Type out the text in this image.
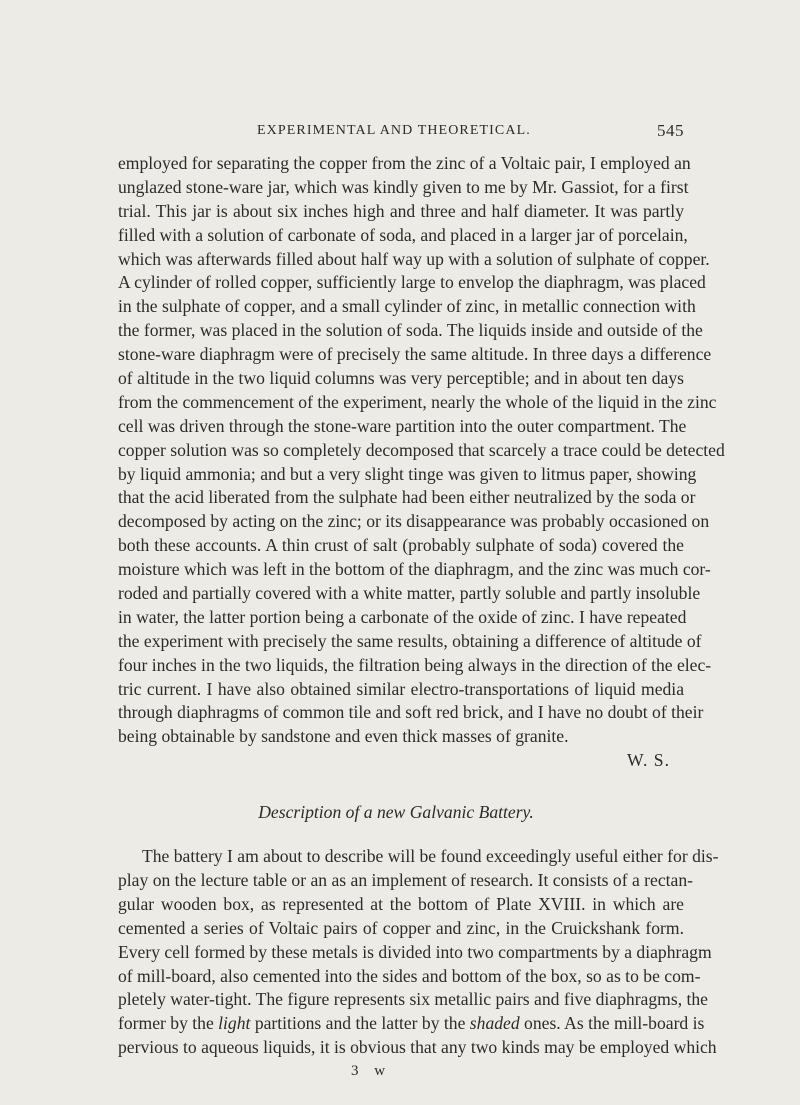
EXPERIMENTAL AND THEORETICAL.	545
employed for separating the copper from the zinc of a Voltaic pair, I employed an
unglazed stone-ware jar, which was kindly given to me by Mr. Gassiot, for a first
trial. This jar is about six inches high and three and half diameter. It was partly
filled with a solution of carbonate of soda, and placed in a larger jar of porcelain,
which was afterwards filled about half way up with a solution of sulphate of copper.
A cylinder of rolled copper, sufficiently large to envelop the diaphragm, was placed
in the sulphate of copper, and a small cylinder of zinc, in metallic connection with
the former, was placed in the solution of soda. The liquids inside and outside of the
stone-ware diaphragm were of precisely the same altitude. In three days a difference
of altitude in the two liquid columns was very perceptible; and in about ten days
from the commencement of the experiment, nearly the whole of the liquid in the zinc
cell was driven through the stone-ware partition into the outer compartment. The
copper solution was so completely decomposed that scarcely a trace could be detected
by liquid ammonia; and but a very slight tinge was given to litmus paper, showing
that the acid liberated from the sulphate had been either neutralized by the soda or
decomposed by acting on the zinc; or its disappearance was probably occasioned on
both these accounts. A thin crust of salt (probably sulphate of soda) covered the
moisture which was left in the bottom of the diaphragm, and the zinc was much cor-
roded and partially covered with a white matter, partly soluble and partly insoluble
in water, the latter portion being a carbonate of the oxide of zinc. I have repeated
the experiment with precisely the same results, obtaining a difference of altitude of
four inches in the two liquids, the filtration being always in the direction of the elec-
tric current. I have also obtained similar electro-transportations of liquid media
through diaphragms of common tile and soft red brick, and I have no doubt of their
being obtainable by sandstone and even thick masses of granite.
W. S.
Description of a new Galvanic Battery.
The battery I am about to describe will be found exceedingly useful either for dis-
play on the lecture table or an as an implement of research. It consists of a rectan-
gular wooden box, as represented at the bottom of Plate XVIII. in which are
cemented a series of Voltaic pairs of copper and zinc, in the Cruickshank form.
Every cell formed by these metals is divided into two compartments by a diaphragm
of mill-board, also cemented into the sides and bottom of the box, so as to be com-
pletely water-tight. The figure represents six metallic pairs and five diaphragms, the
former by the light partitions and the latter by the shaded ones. As the mill-board is
pervious to aqueous liquids, it is obvious that any two kinds may be employed which
3 w
